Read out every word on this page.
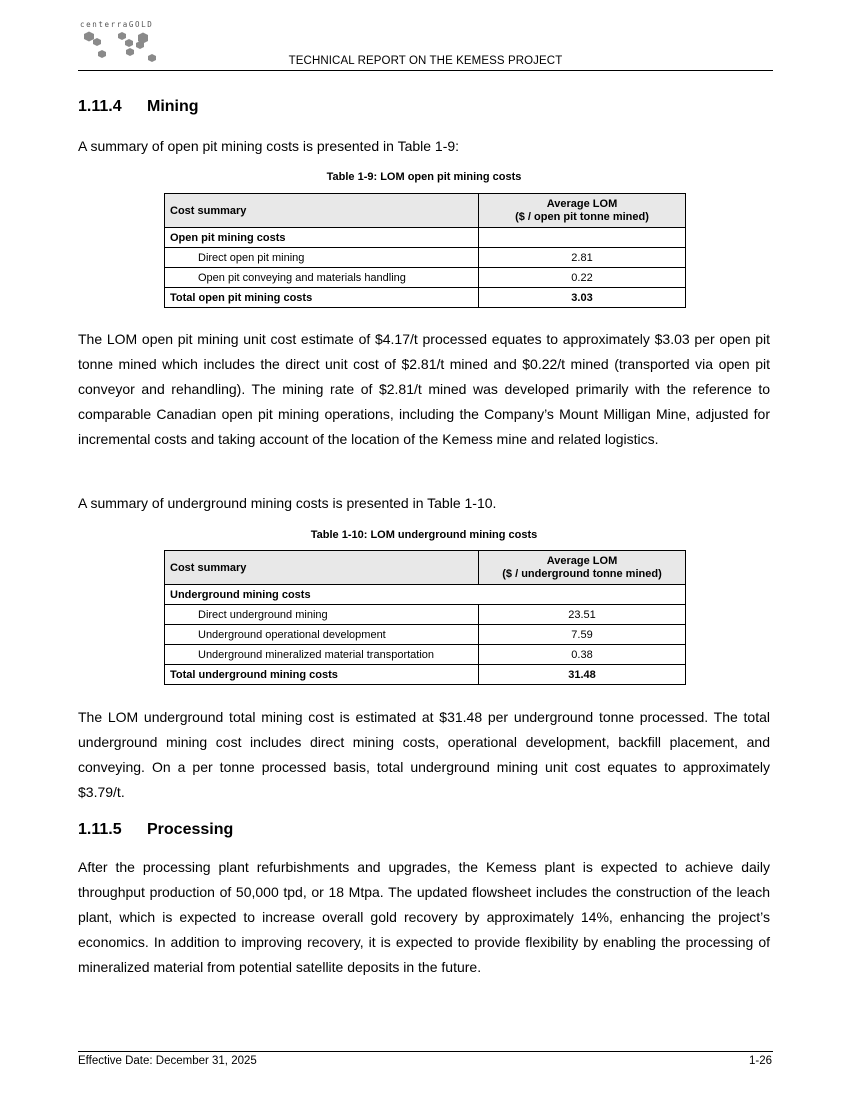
centerraGOLD
TECHNICAL REPORT ON THE KEMESS PROJECT
1.11.4 Mining

A summary of open pit mining costs is presented in Table 1-9:

Table 1-9: LOM open pit mining costs
Cost summary	Average LOM
($ / open pit tonne mined)

Open pit mining costs	
Direct open pit mining	2.81
Open pit conveying and materials handling	0.22
Total open pit mining costs	3.03

The LOM open pit mining unit cost estimate of $4.17/t processed equates to approximately $3.03 per open pit tonne mined which includes the direct unit cost of $2.81/t mined and $0.22/t mined (transported via open pit conveyor and rehandling). The mining rate of $2.81/t mined was developed primarily with the reference to comparable Canadian open pit mining operations, including the Company’s Mount Milligan Mine, adjusted for incremental costs and taking account of the location of the Kemess mine and related logistics.

A summary of underground mining costs is presented in Table 1-10.

Table 1-10: LOM underground mining costs
Cost summary	Average LOM
($ / underground tonne mined)

Underground mining costs	
Direct underground mining	23.51
Underground operational development	7.59
Underground mineralized material transportation	0.38
Total underground mining costs	31.48

The LOM underground total mining cost is estimated at $31.48 per underground tonne processed. The total underground mining cost includes direct mining costs, operational development, backfill placement, and conveying. On a per tonne processed basis, total underground mining unit cost equates to approximately $3.79/t.

1.11.5 Processing

After the processing plant refurbishments and upgrades, the Kemess plant is expected to achieve daily throughput production of 50,000 tpd, or 18 Mtpa. The updated flowsheet includes the construction of the leach plant, which is expected to increase overall gold recovery by approximately 14%, enhancing the project’s economics. In addition to improving recovery, it is expected to provide flexibility by enabling the processing of mineralized material from potential satellite deposits in the future.

Effective Date: December 31, 2025	1-26
